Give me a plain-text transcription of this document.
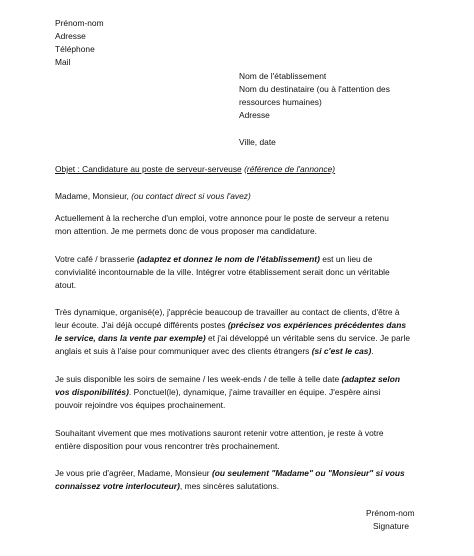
Prénom-nom
Adresse
Téléphone
Mail
Nom de l'établissement
Nom du destinataire (ou à l'attention des
ressources humaines)
Adresse
Ville, date
Objet : Candidature au poste de serveur-serveuse (référence de l'annonce)
Madame, Monsieur, (ou contact direct si vous l'avez)
Actuellement à la recherche d'un emploi, votre annonce pour le poste de serveur a retenu
mon attention. Je me permets donc de vous proposer ma candidature.
Votre café / brasserie (adaptez et donnez le nom de l'établissement) est un lieu de
convivialité incontournable de la ville. Intégrer votre établissement serait donc un véritable
atout.
Très dynamique, organisé(e), j'apprécie beaucoup de travailler au contact de clients, d'être à
leur écoute. J'ai déjà occupé différents postes (précisez vos expériences précédentes dans
le service, dans la vente par exemple) et j'ai développé un véritable sens du service. Je parle
anglais et suis à l'aise pour communiquer avec des clients étrangers (si c'est le cas).
Je suis disponible les soirs de semaine / les week-ends / de telle à telle date (adaptez selon
vos disponibilités). Ponctuel(le), dynamique, j'aime travailler en équipe. J'espère ainsi
pouvoir rejoindre vos équipes prochainement.
Souhaitant vivement que mes motivations sauront retenir votre attention, je reste à votre
entière disposition pour vous rencontrer très prochainement.
Je vous prie d'agréer, Madame, Monsieur (ou seulement "Madame" ou "Monsieur" si vous
connaissez votre interlocuteur), mes sincères salutations.
Prénom-nom
Signature
